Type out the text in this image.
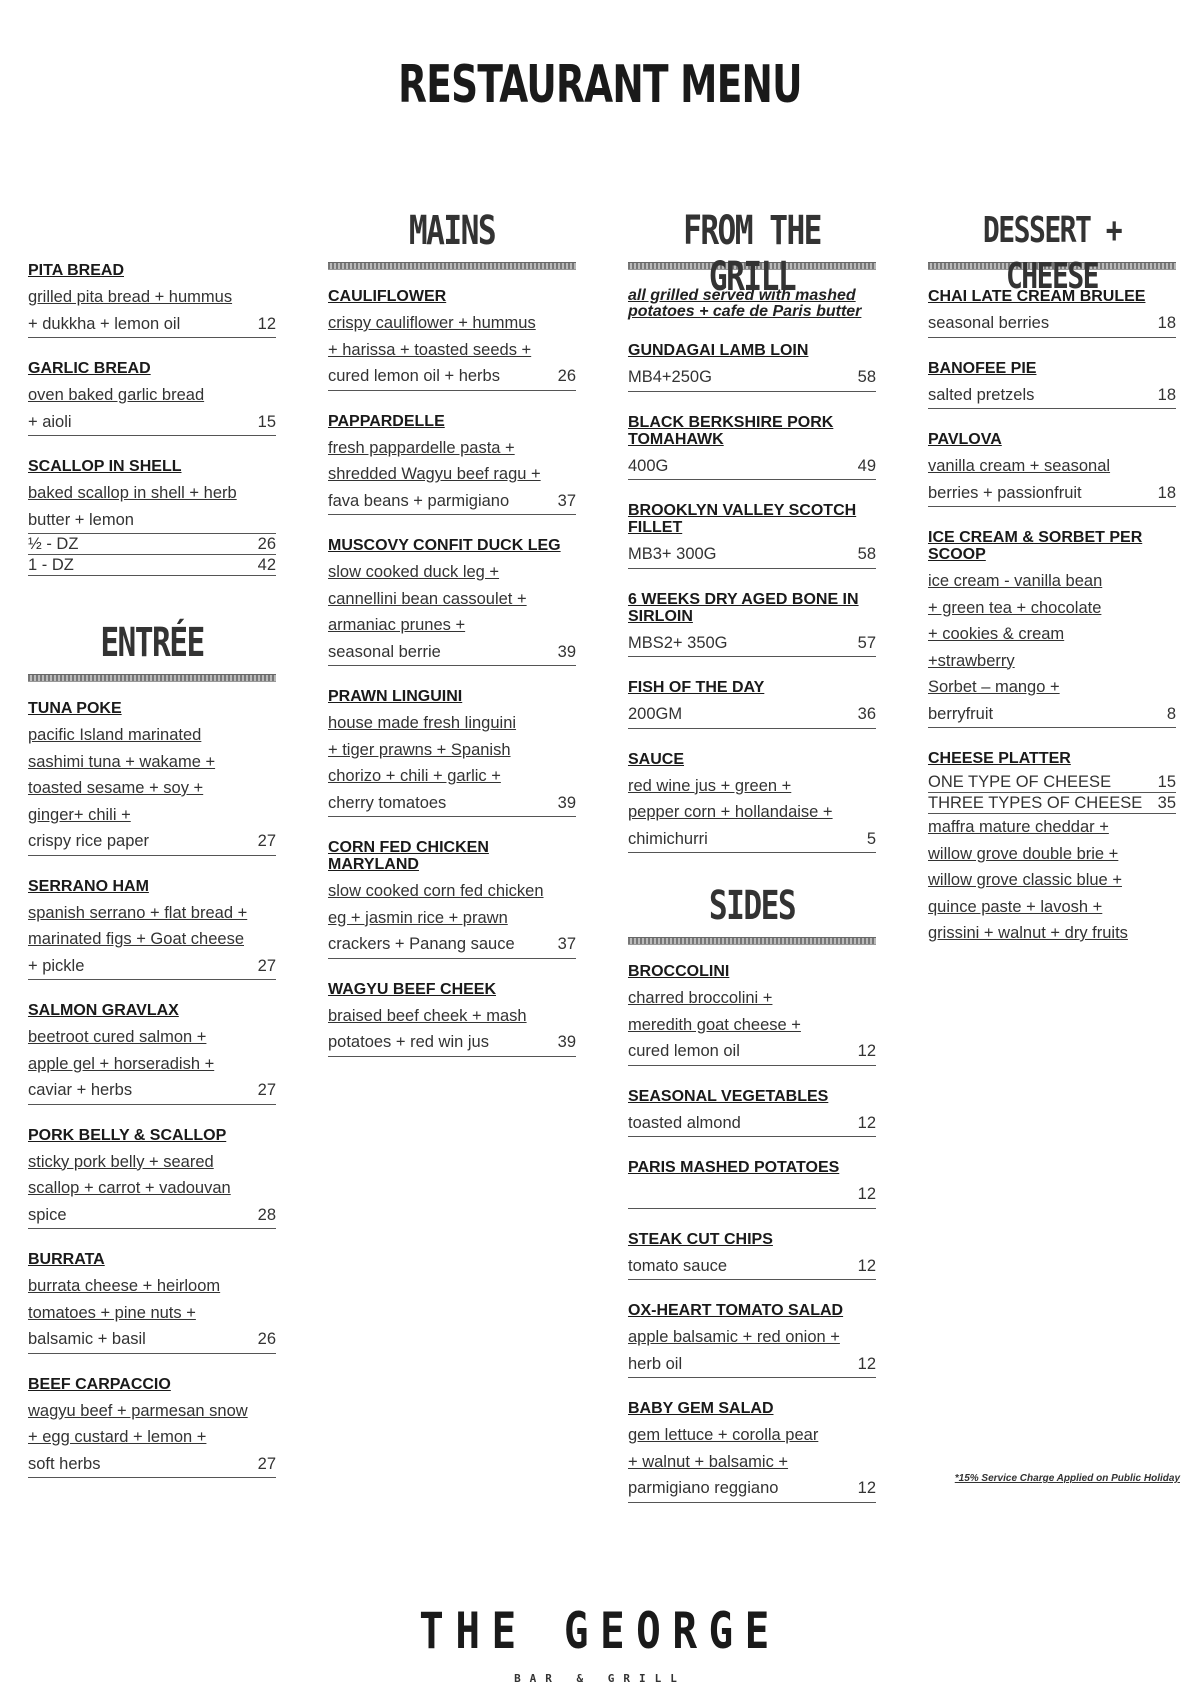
RESTAURANT MENU
PITA BREAD
grilled pita bread + hummus
+ dukkha + lemon oil	12
GARLIC BREAD
oven baked garlic bread
+ aioli	15
SCALLOP IN SHELL
baked scallop in shell + herb
butter + lemon
½ - DZ	26
1 - DZ	42
ENTRÉE
TUNA POKE
pacific Island marinated
sashimi tuna + wakame +
toasted sesame + soy +
ginger+ chili +
crispy rice paper	27
SERRANO HAM
spanish serrano + flat bread +
marinated figs + Goat cheese
+ pickle	27
SALMON GRAVLAX
beetroot cured salmon +
apple gel + horseradish +
caviar + herbs	27
PORK BELLY & SCALLOP
sticky pork belly + seared
scallop + carrot + vadouvan
spice	28
BURRATA
burrata cheese + heirloom
tomatoes + pine nuts +
balsamic + basil	26
BEEF CARPACCIO
wagyu beef + parmesan snow
+ egg custard + lemon +
soft herbs	27
MAINS
CAULIFLOWER
crispy cauliflower + hummus
+ harissa + toasted seeds +
cured lemon oil + herbs	26
PAPPARDELLE
fresh pappardelle pasta +
shredded Wagyu beef ragu +
fava beans + parmigiano	37
MUSCOVY CONFIT DUCK LEG
slow cooked duck leg +
cannellini bean cassoulet +
armaniac prunes +
seasonal berrie	39
PRAWN LINGUINI
house made fresh linguini
+ tiger prawns + Spanish
chorizo + chili + garlic +
cherry tomatoes	39
CORN FED CHICKEN MARYLAND
slow cooked corn fed chicken
eg + jasmin rice + prawn
crackers + Panang sauce	37
WAGYU BEEF CHEEK
braised beef cheek + mash
potatoes + red win jus	39
FROM THE GRILL
all grilled served with mashed potatoes + cafe de Paris butter
GUNDAGAI LAMB LOIN
MB4+250G	58
BLACK BERKSHIRE PORK TOMAHAWK
400G	49
BROOKLYN VALLEY SCOTCH FILLET
MB3+ 300G	58
6 WEEKS DRY AGED BONE IN SIRLOIN
MBS2+ 350G	57
FISH OF THE DAY
200GM	36
SAUCE
red wine jus + green +
pepper corn + hollandaise +
chimichurri	5
SIDES
BROCCOLINI
charred broccolini +
meredith goat cheese +
cured lemon oil	12
SEASONAL VEGETABLES
toasted almond	12
PARIS MASHED POTATOES
12
STEAK CUT CHIPS
tomato sauce	12
OX-HEART TOMATO SALAD
apple balsamic + red onion +
herb oil	12
BABY GEM SALAD
gem lettuce + corolla pear
+ walnut + balsamic +
parmigiano reggiano	12
DESSERT + CHEESE
CHAI LATE CREAM BRULEE
seasonal berries	18
BANOFEE PIE
salted pretzels	18
PAVLOVA
vanilla cream + seasonal
berries + passionfruit	18
ICE CREAM & SORBET PER SCOOP
ice cream - vanilla bean
+ green tea + chocolate
+ cookies & cream
+strawberry
Sorbet – mango +
berryfruit	8
CHEESE PLATTER
ONE TYPE OF CHEESE	15
THREE TYPES OF CHEESE 35
maffra mature cheddar +
willow grove double brie +
willow grove classic blue +
quince paste + lavosh +
grissini + walnut + dry fruits
*15% Service Charge Applied on Public Holiday
THE GEORGE
BAR & GRILL
